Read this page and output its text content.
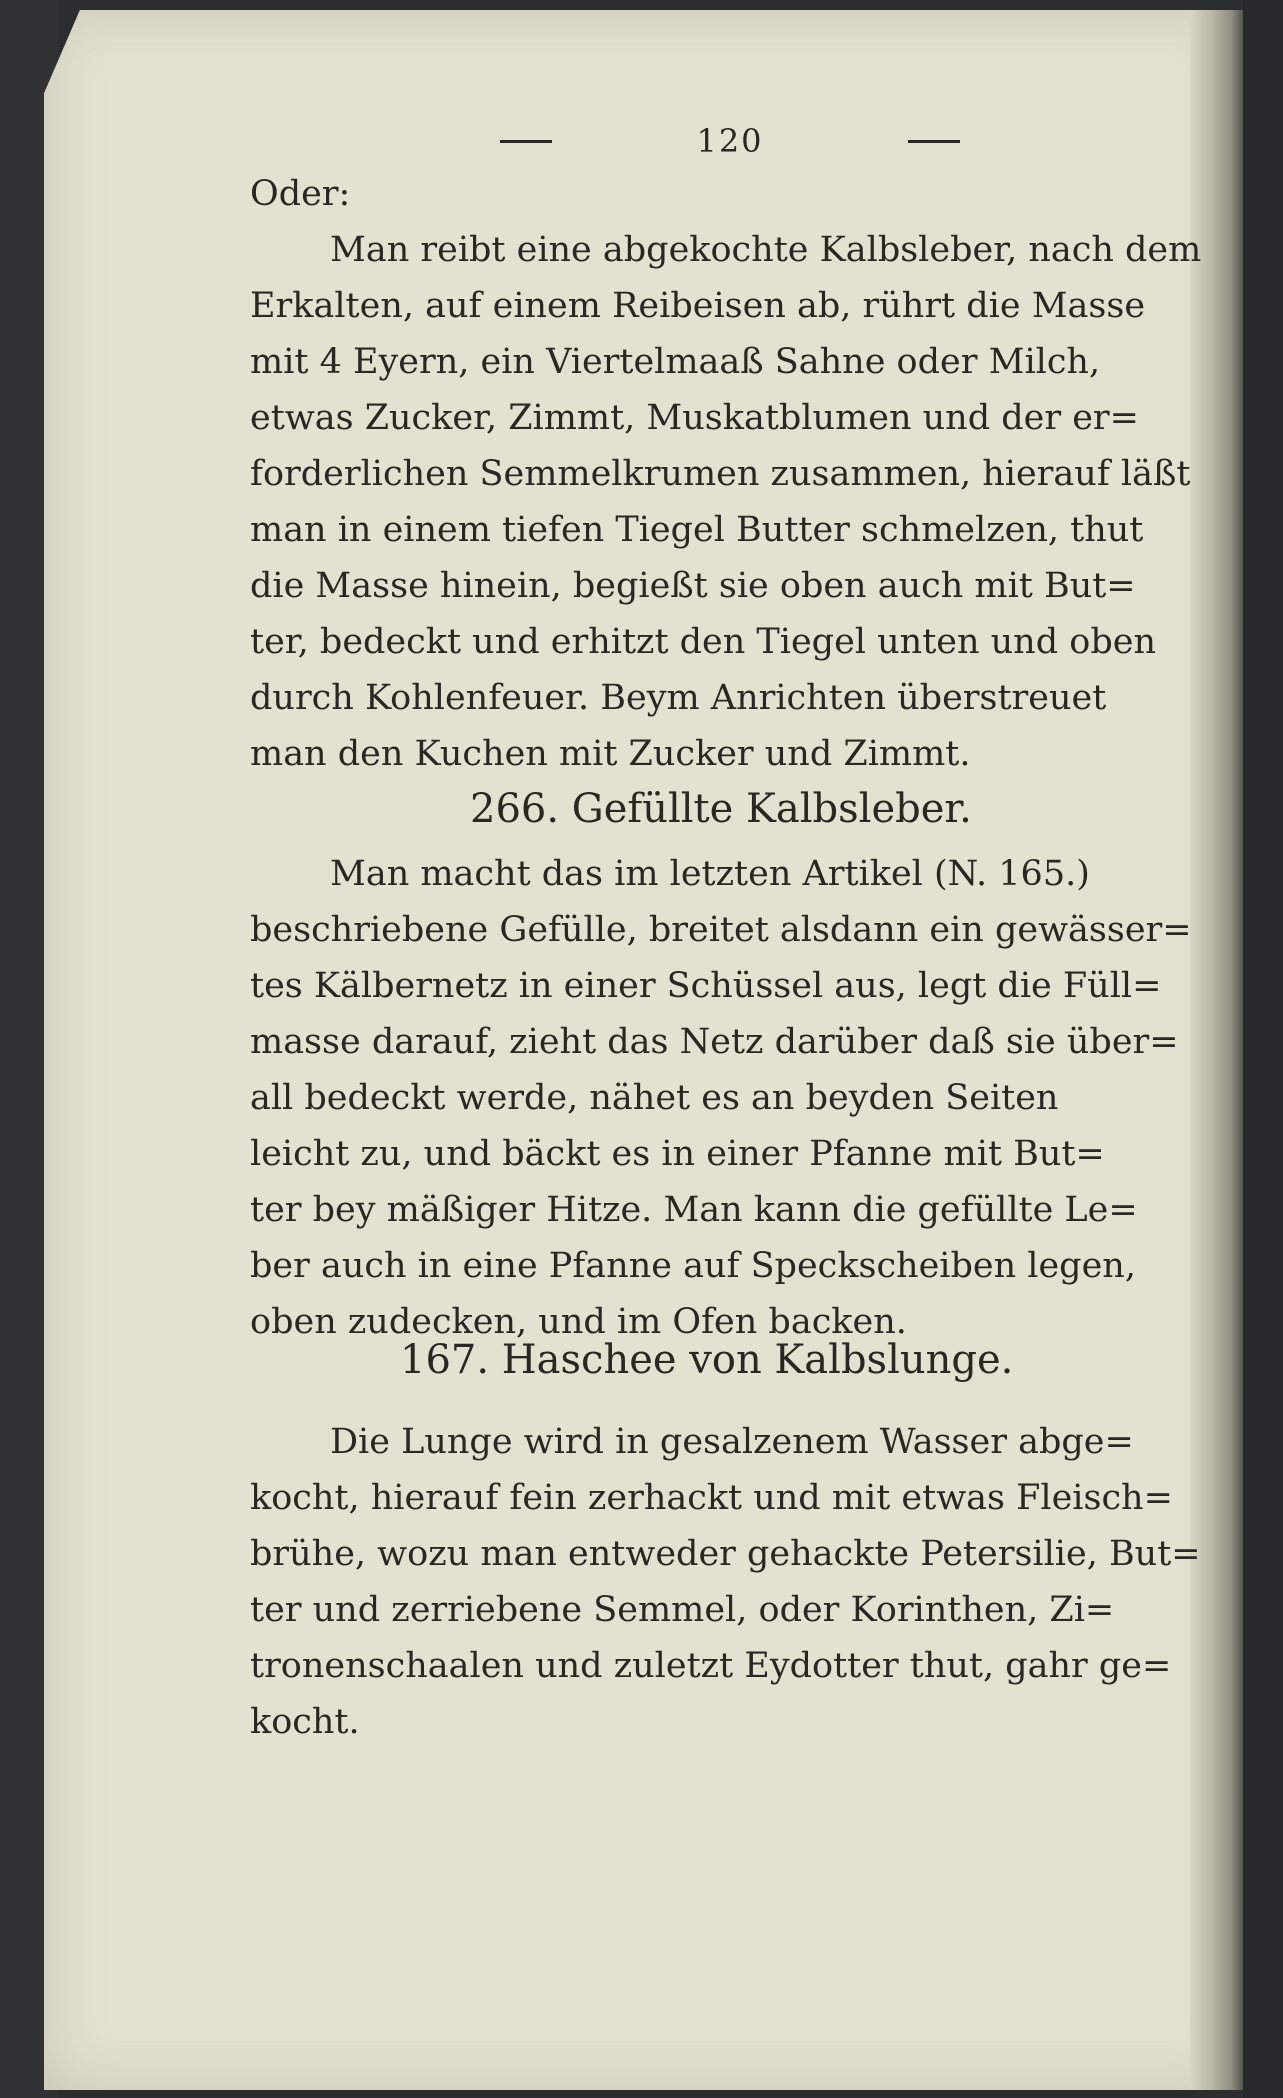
120
Oder:
Man reibt eine abgekochte Kalbsleber, nach dem
Erkalten, auf einem Reibeisen ab, rührt die Masse
mit 4 Eyern, ein Viertelmaaß Sahne oder Milch,
etwas Zucker, Zimmt, Muskatblumen und der er=
forderlichen Semmelkrumen zusammen, hierauf läßt
man in einem tiefen Tiegel Butter schmelzen, thut
die Masse hinein, begießt sie oben auch mit But=
ter, bedeckt und erhitzt den Tiegel unten und oben
durch Kohlenfeuer. Beym Anrichten überstreuet
man den Kuchen mit Zucker und Zimmt.
266. Gefüllte Kalbsleber.
Man macht das im letzten Artikel (N. 165.)
beschriebene Gefülle, breitet alsdann ein gewässer=
tes Kälbernetz in einer Schüssel aus, legt die Füll=
masse darauf, zieht das Netz darüber daß sie über=
all bedeckt werde, nähet es an beyden Seiten
leicht zu, und bäckt es in einer Pfanne mit But=
ter bey mäßiger Hitze. Man kann die gefüllte Le=
ber auch in eine Pfanne auf Speckscheiben legen,
oben zudecken, und im Ofen backen.
167. Haschee von Kalbslunge.
Die Lunge wird in gesalzenem Wasser abge=
kocht, hierauf fein zerhackt und mit etwas Fleisch=
brühe, wozu man entweder gehackte Petersilie, But=
ter und zerriebene Semmel, oder Korinthen, Zi=
tronenschaalen und zuletzt Eydotter thut, gahr ge=
kocht.
